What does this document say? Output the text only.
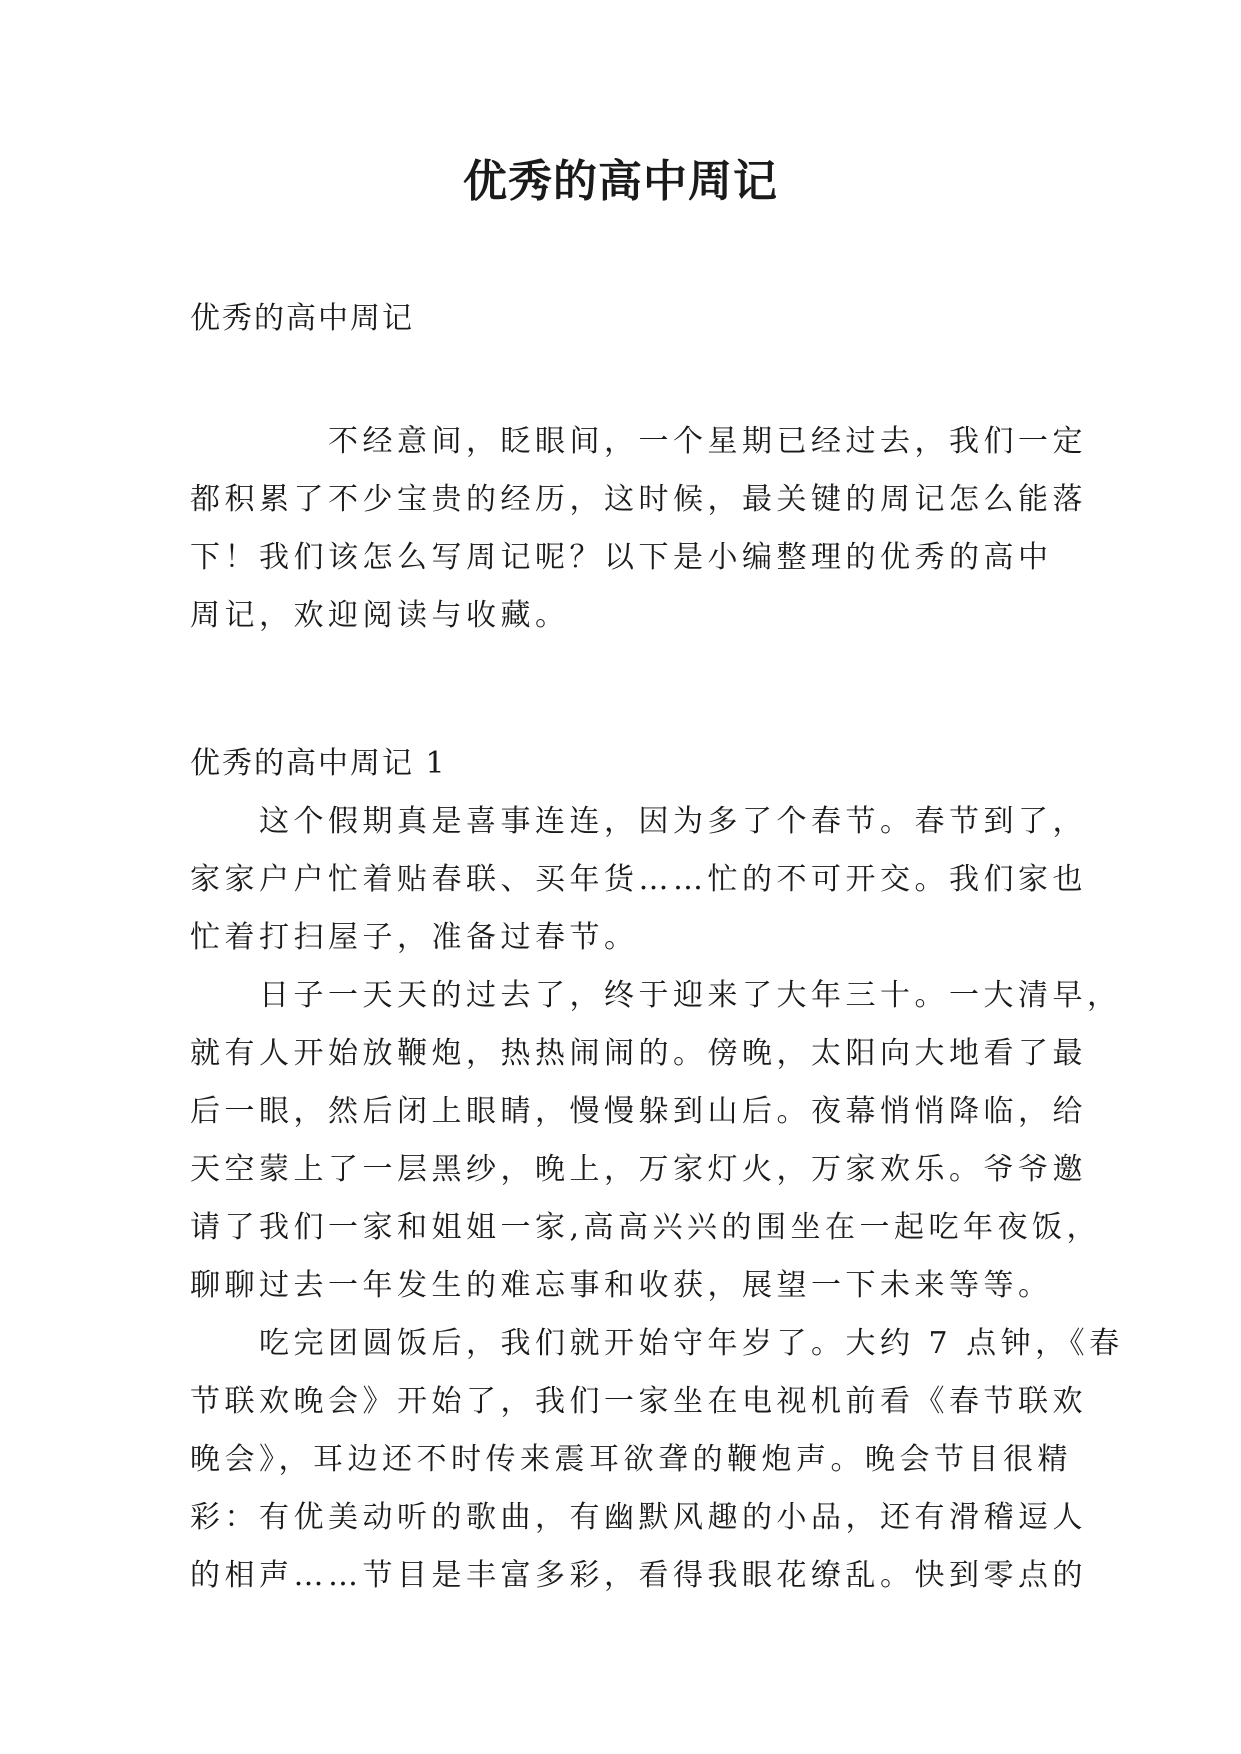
优秀的高中周记
优秀的高中周记
　　　　不经意间，眨眼间，一个星期已经过去，我们一定
都积累了不少宝贵的经历，这时候，最关键的周记怎么能落
下！我们该怎么写周记呢？以下是小编整理的优秀的高中
周记，欢迎阅读与收藏。
优秀的高中周记 1
　　这个假期真是喜事连连，因为多了个春节。春节到了，
家家户户忙着贴春联、买年货……忙的不可开交。我们家也
忙着打扫屋子，准备过春节。
　　日子一天天的过去了，终于迎来了大年三十。一大清早，
就有人开始放鞭炮，热热闹闹的。傍晚，太阳向大地看了最
后一眼，然后闭上眼睛，慢慢躲到山后。夜幕悄悄降临，给
天空蒙上了一层黑纱，晚上，万家灯火，万家欢乐。爷爷邀
请了我们一家和姐姐一家,高高兴兴的围坐在一起吃年夜饭，
聊聊过去一年发生的难忘事和收获，展望一下未来等等。
　　吃完团圆饭后，我们就开始守年岁了。大约 7 点钟，《春
节联欢晚会》开始了，我们一家坐在电视机前看《春节联欢
晚会》，耳边还不时传来震耳欲聋的鞭炮声。晚会节目很精
彩：有优美动听的歌曲，有幽默风趣的小品，还有滑稽逗人
的相声……节目是丰富多彩，看得我眼花缭乱。快到零点的
